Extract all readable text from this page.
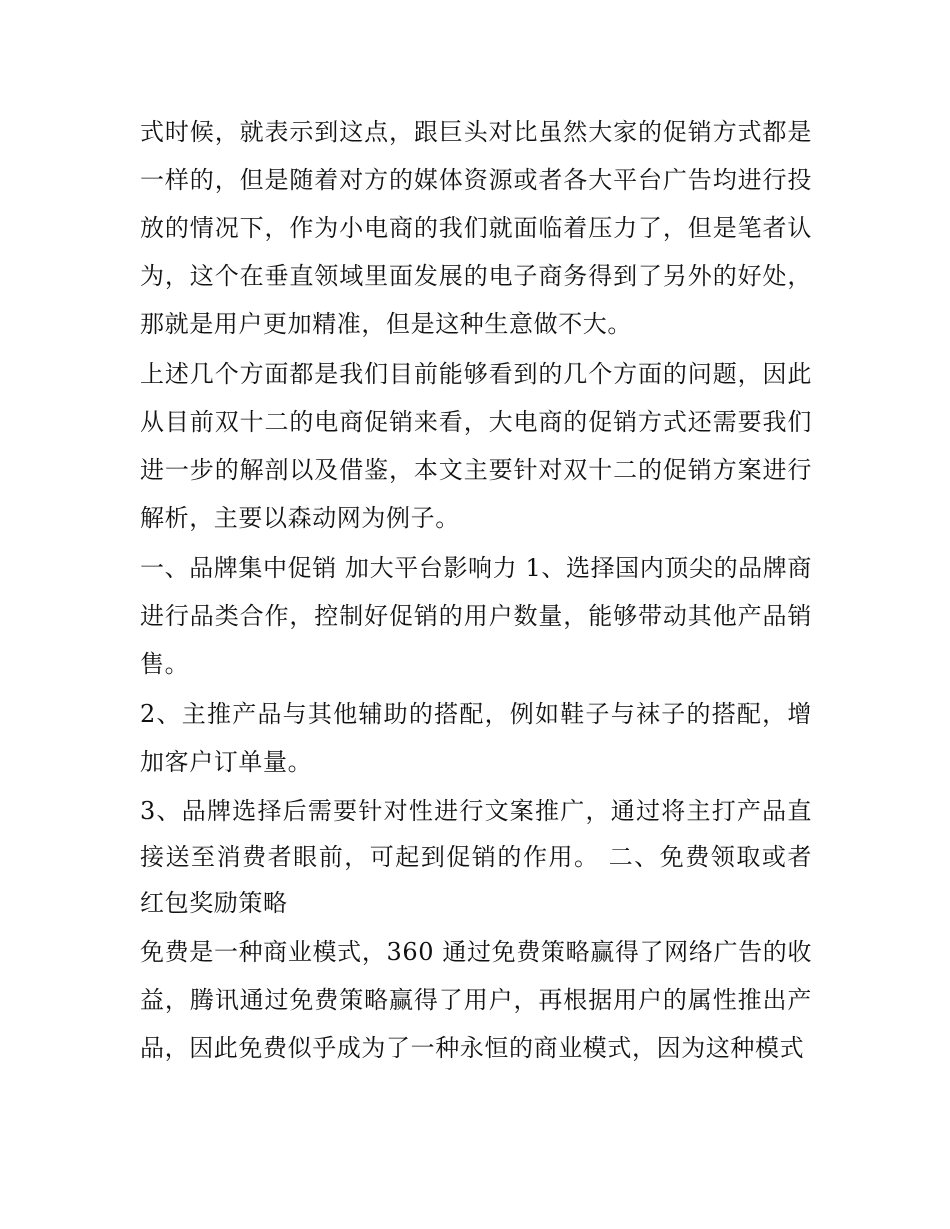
式时候，就表示到这点，跟巨头对比虽然大家的促销方式都是一样的，但是随着对方的媒体资源或者各大平台广告均进行投放的情况下，作为小电商的我们就面临着压力了，但是笔者认为，这个在垂直领域里面发展的电子商务得到了另外的好处，那就是用户更加精准，但是这种生意做不大。

上述几个方面都是我们目前能够看到的几个方面的问题，因此从目前双十二的电商促销来看，大电商的促销方式还需要我们进一步的解剖以及借鉴，本文主要针对双十二的促销方案进行解析，主要以森动网为例子。

一、品牌集中促销 加大平台影响力 1、选择国内顶尖的品牌商进行品类合作，控制好促销的用户数量，能够带动其他产品销售。

2、主推产品与其他辅助的搭配，例如鞋子与袜子的搭配，增加客户订单量。

3、品牌选择后需要针对性进行文案推广，通过将主打产品直接送至消费者眼前，可起到促销的作用。 二、免费领取或者红包奖励策略

免费是一种商业模式，360 通过免费策略赢得了网络广告的收益，腾讯通过免费策略赢得了用户，再根据用户的属性推出产品，因此免费似乎成为了一种永恒的商业模式，因为这种模式
